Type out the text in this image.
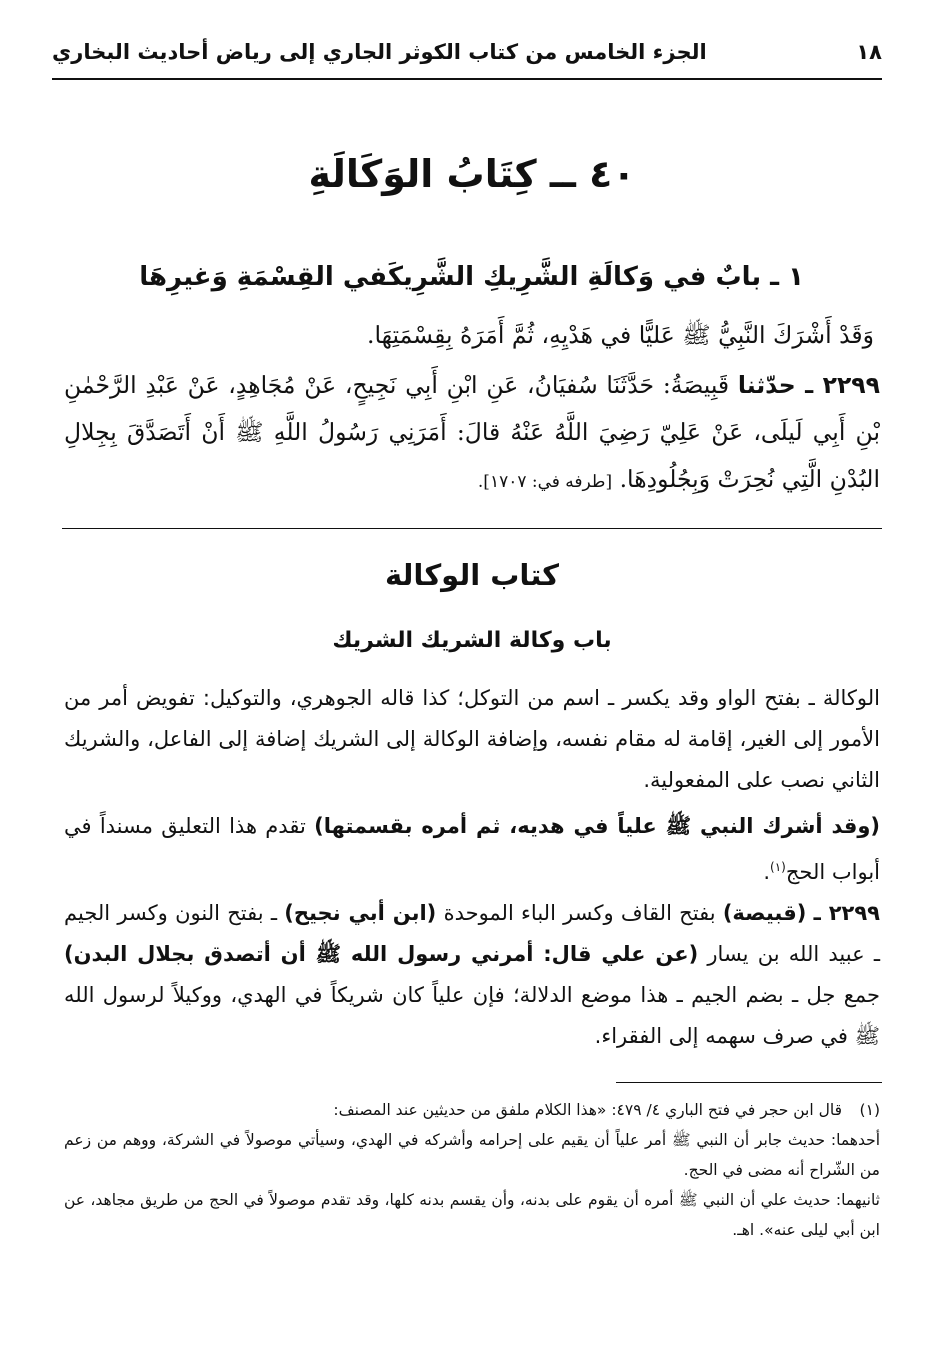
١٨
الجزء الخامس من كتاب الكوثر الجاري إلى رياض أحاديث البخاري
٤٠ ــ كِتَابُ الوَكَالَةِ
١ ـ بابٌ في وَكالَةِ الشَّرِيكِ الشَّرِيكَفي القِسْمَةِ وَغيرِهَا
وَقَدْ أَشْرَكَ النَّبِيُّ ﷺ عَليًّا في هَدْيِهِ، ثُمَّ أَمَرَهُ بِقِسْمَتِهَا.
٢٢٩٩ ـ حدّثنا قَبِيصَةُ: حَدَّثَنَا سُفيَانُ، عَنِ ابْنِ أَبِي نَجِيحٍ، عَنْ مُجَاهِدٍ، عَنْ عَبْدِ الرَّحْمٰنِ بْنِ أَبِي لَيلَى، عَنْ عَلِيّ رَضِيَ اللَّهُ عَنْهُ قالَ: أَمَرَنِي رَسُولُ اللَّهِ ﷺ أَنْ أَتَصَدَّقَ بِجِلالِ البُدْنِ الَّتِي نُحِرَتْ وَبِجُلُودِهَا. [طرفه في: ١٧٠٧].
كتاب الوكالة
باب وكالة الشريك الشريك
الوكالة ـ بفتح الواو وقد يكسر ـ اسم من التوكل؛ كذا قاله الجوهري، والتوكيل: تفويض أمر من الأمور إلى الغير، إقامة له مقام نفسه، وإضافة الوكالة إلى الشريك إضافة إلى الفاعل، والشريك الثاني نصب على المفعولية.
(وقد أشرك النبي ﷺ علياً في هديه، ثم أمره بقسمتها) تقدم هذا التعليق مسنداً في أبواب الحج$^{(١)}$.
٢٢٩٩ ـ (قبيصة) بفتح القاف وكسر الباء الموحدة (ابن أبي نجيح) ـ بفتح النون وكسر الجيم ـ عبيد الله بن يسار (عن علي قال: أمرني رسول الله ﷺ أن أتصدق بجلال البدن) جمع جل ـ بضم الجيم ـ هذا موضع الدلالة؛ فإن علياً كان شريكاً في الهدي، ووكيلاً لرسول الله ﷺ في صرف سهمه إلى الفقراء.
(١)قال ابن حجر في فتح الباري ٤/ ٤٧٩: «هذا الكلام ملفق من حديثين عند المصنف:
أحدهما: حديث جابر أن النبي ﷺ أمر علياً أن يقيم على إحرامه وأشركه في الهدي، وسيأتي موصولاً في الشركة، ووهم من زعم من الشّراح أنه مضى في الحج.
ثانيهما: حديث علي أن النبي ﷺ أمره أن يقوم على بدنه، وأن يقسم بدنه كلها، وقد تقدم موصولاً في الحج من طريق مجاهد، عن ابن أبي ليلى عنه». اهـ.
